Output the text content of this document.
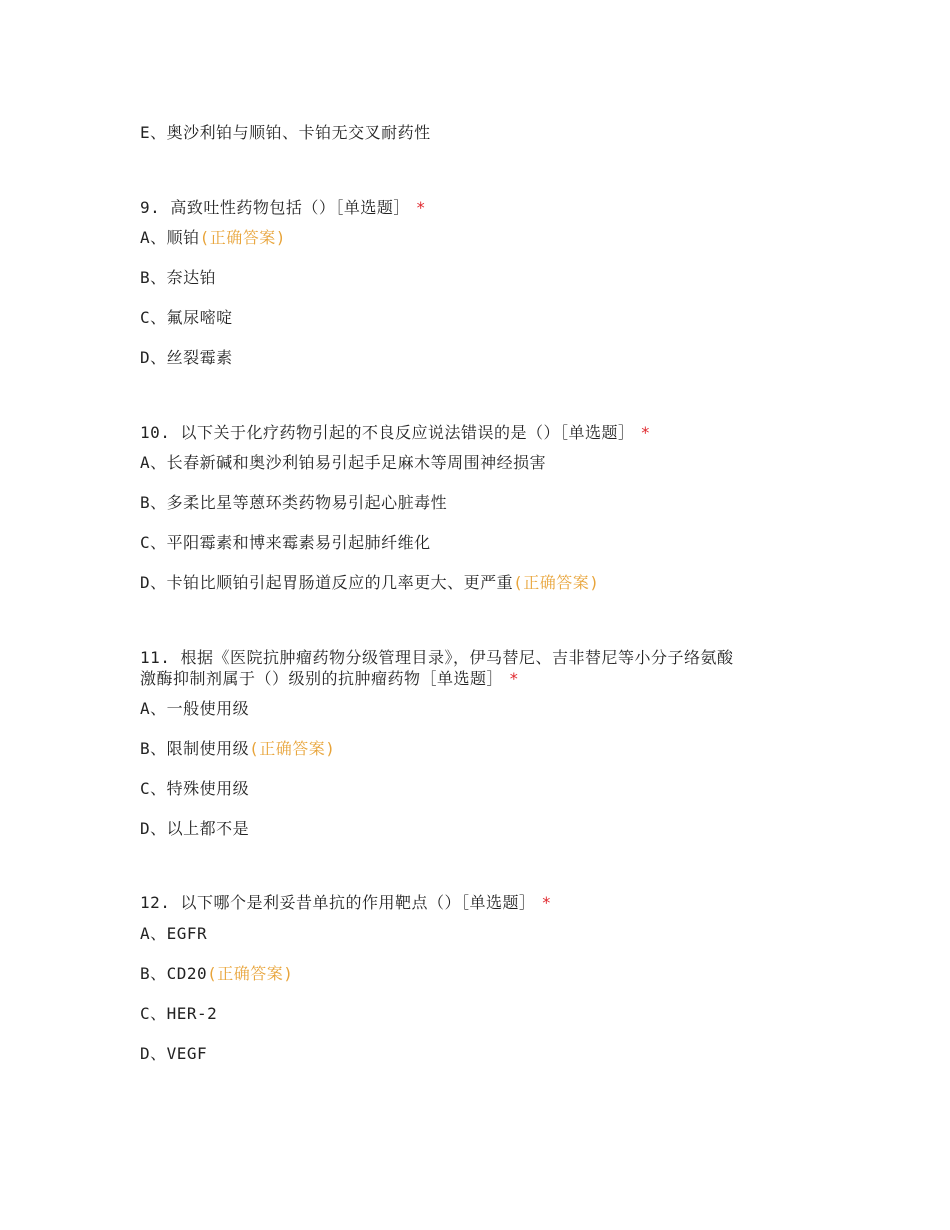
E、奥沙利铂与顺铂、卡铂无交叉耐药性
9. 高致吐性药物包括（）［单选题］ *
A、顺铂(正确答案)
B、奈达铂
C、氟尿嘧啶
D、丝裂霉素
10. 以下关于化疗药物引起的不良反应说法错误的是（）［单选题］ *
A、长春新碱和奥沙利铂易引起手足麻木等周围神经损害
B、多柔比星等蒽环类药物易引起心脏毒性
C、平阳霉素和博来霉素易引起肺纤维化
D、卡铂比顺铂引起胃肠道反应的几率更大、更严重(正确答案)
11. 根据《医院抗肿瘤药物分级管理目录》，伊马替尼、吉非替尼等小分子络氨酸
激酶抑制剂属于（）级别的抗肿瘤药物［单选题］ *
A、一般使用级
B、限制使用级(正确答案)
C、特殊使用级
D、以上都不是
12. 以下哪个是利妥昔单抗的作用靶点（）［单选题］ *
A、EGFR
B、CD20(正确答案)
C、HER-2
D、VEGF
